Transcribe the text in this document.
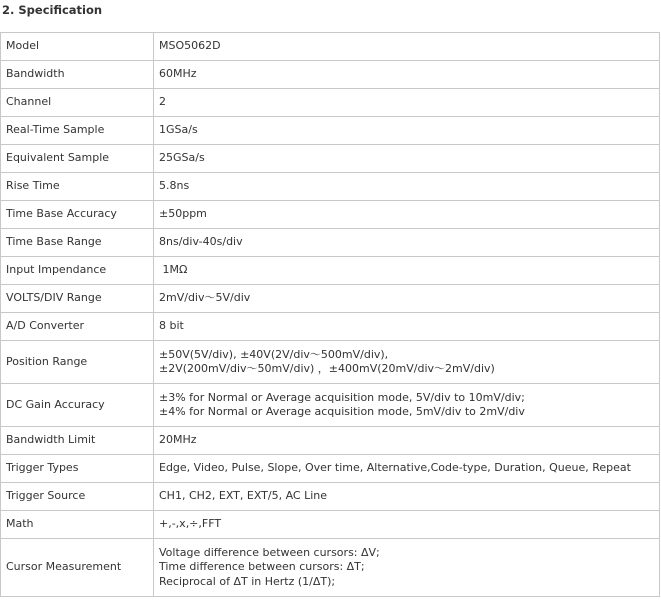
2. Specification
Model	MSO5062D

Bandwidth	60MHz

Channel	2

Real-Time Sample	1GSa/s

Equivalent Sample	25GSa/s

Rise Time	5.8ns

Time Base Accuracy	±50ppm

Time Base Range	8ns/div-40s/div

Input Impendance	1MΩ

VOLTS/DIV Range	2mV/div～5V/div

A/D Converter	8 bit

Position Range	±50V(5V/div), ±40V(2V/div～500mV/div),
±2V(200mV/div～50mV/div) ，±400mV(20mV/div～2mV/div)

DC Gain Accuracy	±3% for Normal or Average acquisition mode, 5V/div to 10mV/div;
±4% for Normal or Average acquisition mode, 5mV/div to 2mV/div

Bandwidth Limit	20MHz

Trigger Types	Edge, Video, Pulse, Slope, Over time, Alternative,Code-type, Duration, Queue, Repeat

Trigger Source	CH1, CH2, EXT, EXT/5, AC Line

Math	+,-,x,÷,FFT

Cursor Measurement	Voltage difference between cursors: ΔV;
Time difference between cursors: ΔT;
Reciprocal of ΔT in Hertz (1/ΔT);
